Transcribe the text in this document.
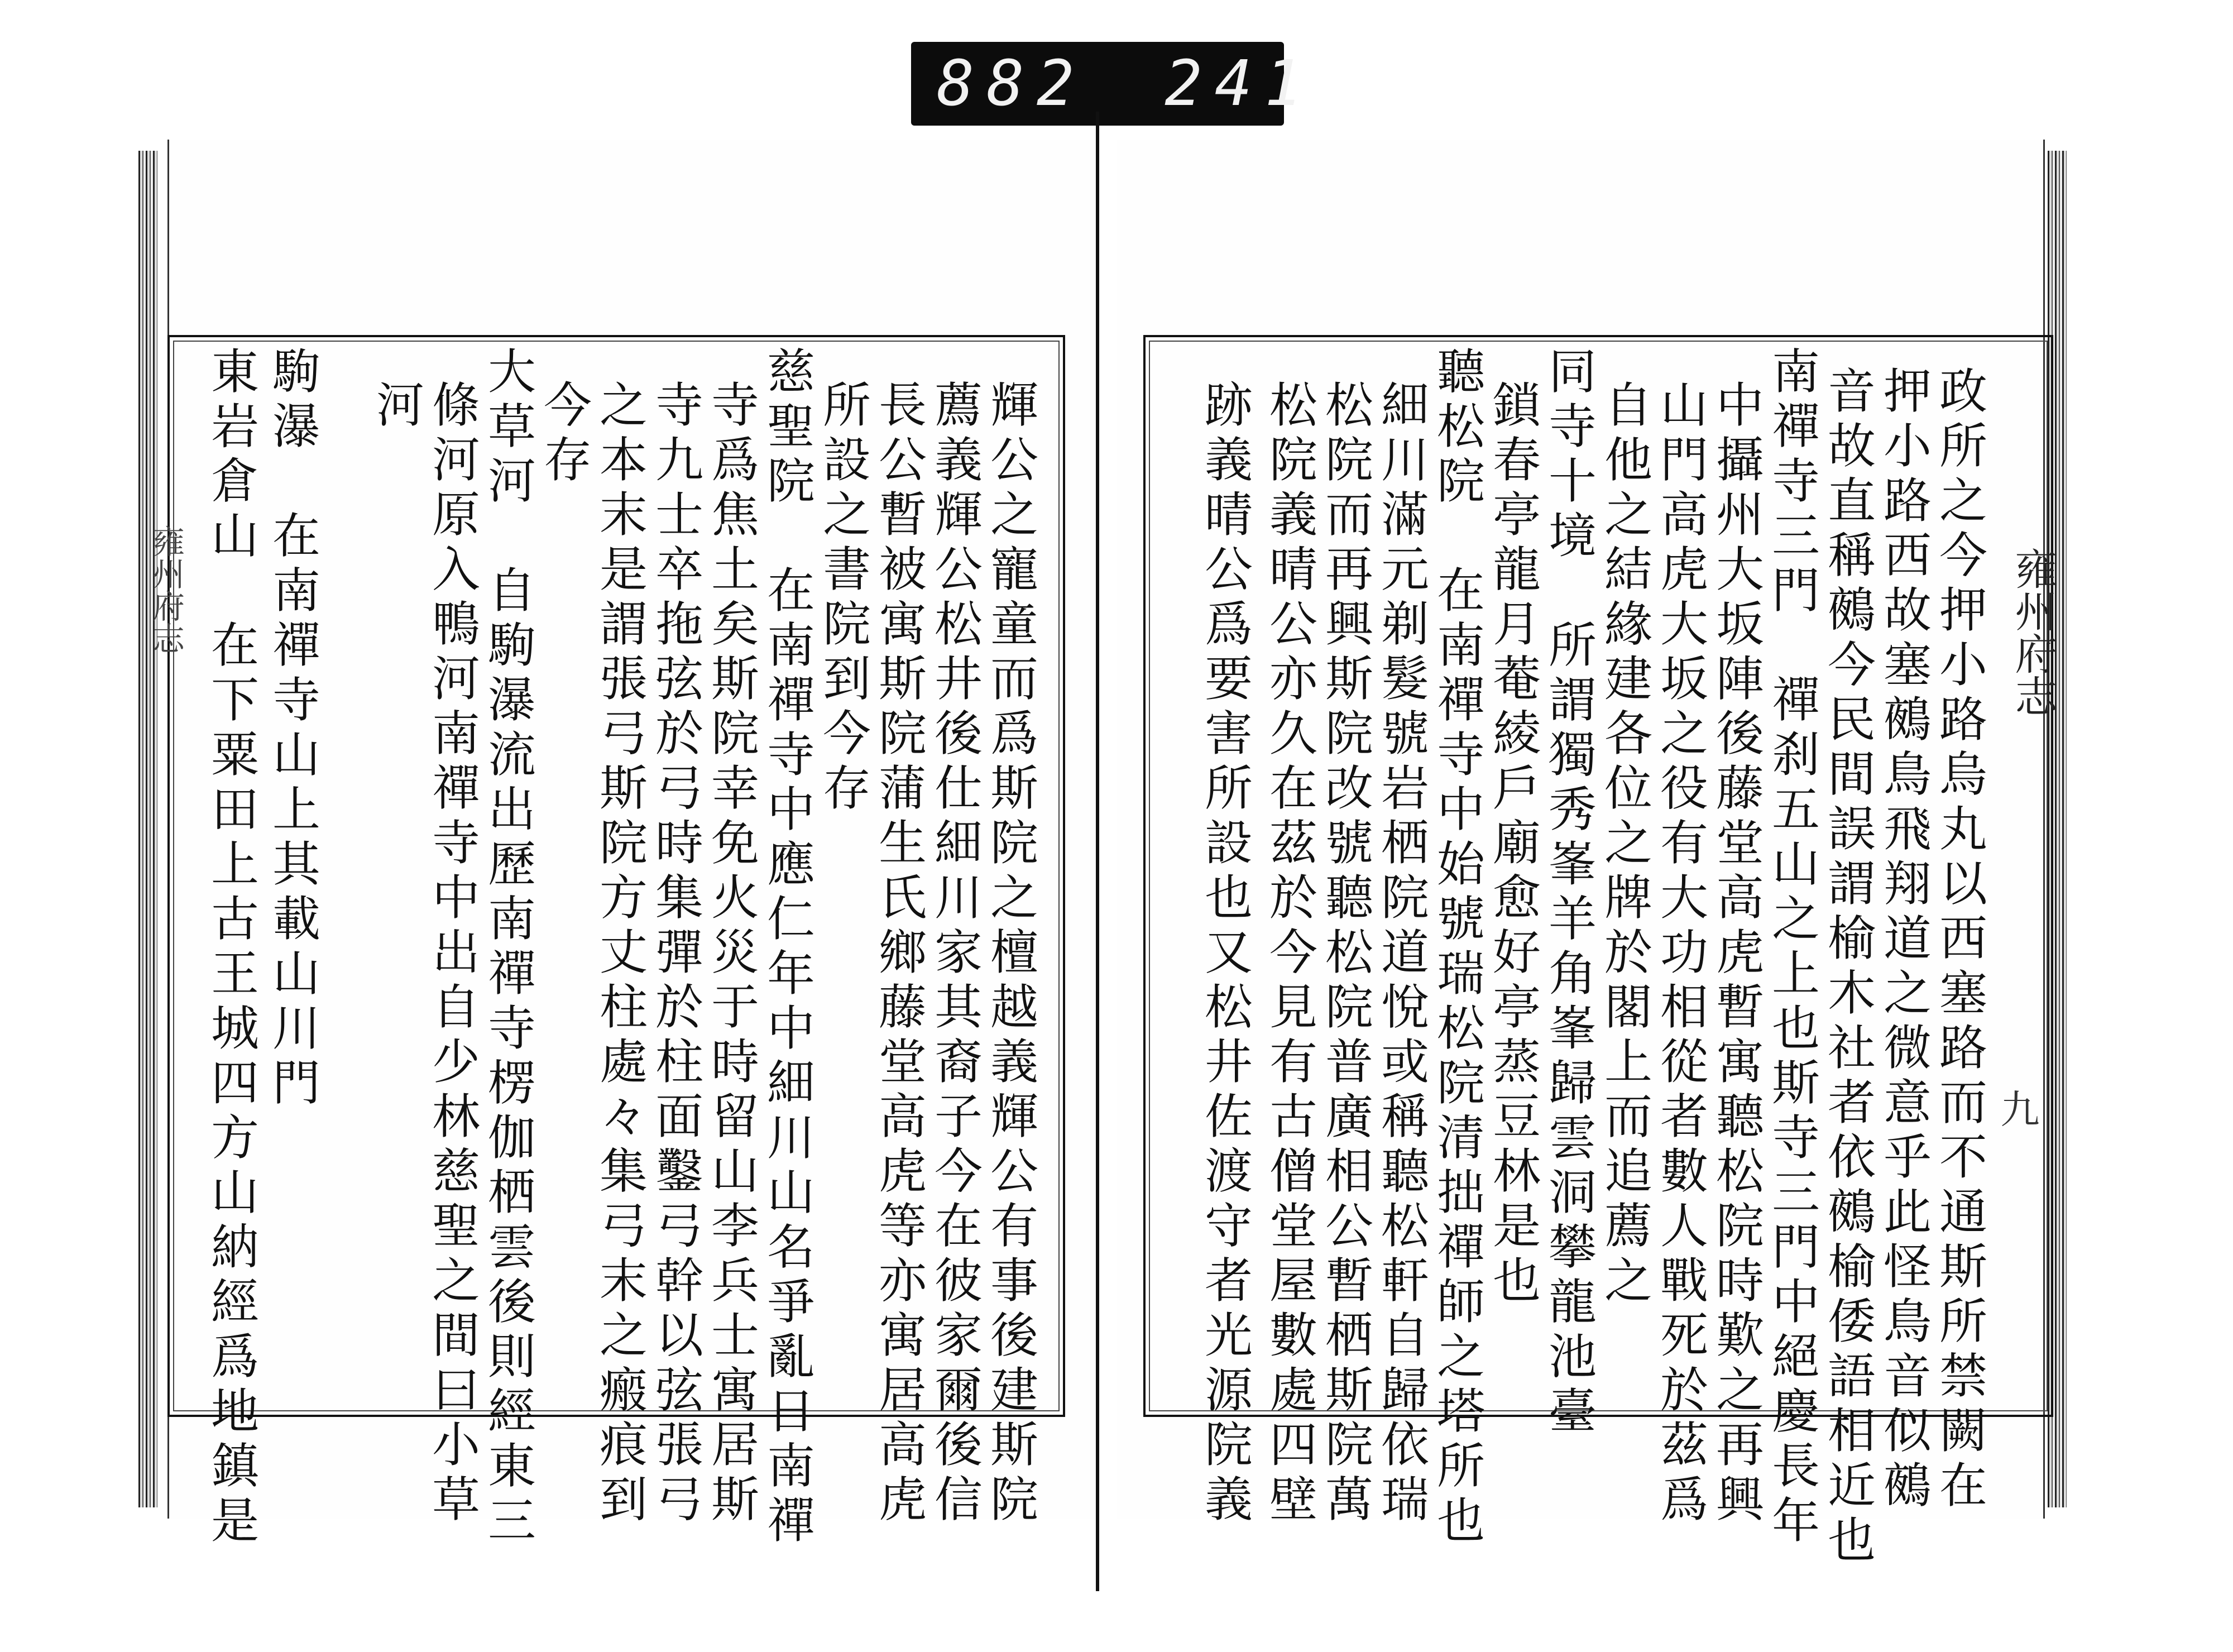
882 241
雍州府志
九
雍州府志	政所之今押小路烏丸以西塞路而不通斯所禁闕在
押小路西故塞鵺鳥飛翔道之微意乎此怪鳥音似鵺
音故直稱鵺今民間誤謂榆木社者依鵺榆倭語相近也
南禪寺三門　禪刹五山之上也斯寺三門中絕慶長年
中攝州大坂陣後藤堂高虎暫寓聽松院時歎之再興
山門高虎大坂之役有大功相從者數人戰死於茲爲
自他之結緣建各位之牌於閣上而追薦之
同寺十境　所謂獨秀峯羊角峯歸雲洞攀龍池臺
鎖春亭龍月菴綾戶廟愈好亭蒸豆林是也
聽松院　在南禪寺中始號瑞松院清拙禪師之塔所也
細川滿元剃髮號岩栖院道悅或稱聽松軒自歸依瑞
松院而再興斯院改號聽松院普廣相公暫栖斯院萬
松院義晴公亦久在茲於今見有古僧堂屋數處四壁
跡義晴公爲要害所設也又松井佐渡守者光源院義
輝公之寵童而爲斯院之檀越義輝公有事後建斯院
薦義輝公松井後仕細川家其裔子今在彼家爾後信
長公暫被寓斯院蒲生氏鄉藤堂高虎等亦寓居高虎
所設之書院到今存
慈聖院　在南禪寺中應仁年中細川山名爭亂日南禪
寺爲焦土矣斯院幸免火災于時留山李兵士寓居斯
寺九士卒拖弦於弓時集彈於柱面鑿弓幹以弦張弓
之本末是謂張弓斯院方丈柱處々集弓末之瘢痕到
今存
大草河　自駒瀑流出歷南禪寺楞伽栖雲後則經東三
條河原入鴨河南禪寺中出自少林慈聖之間曰小草
河
駒瀑　在南禪寺山上其載山川門
東岩倉山　在下粟田上古王城四方山納經爲地鎮是
